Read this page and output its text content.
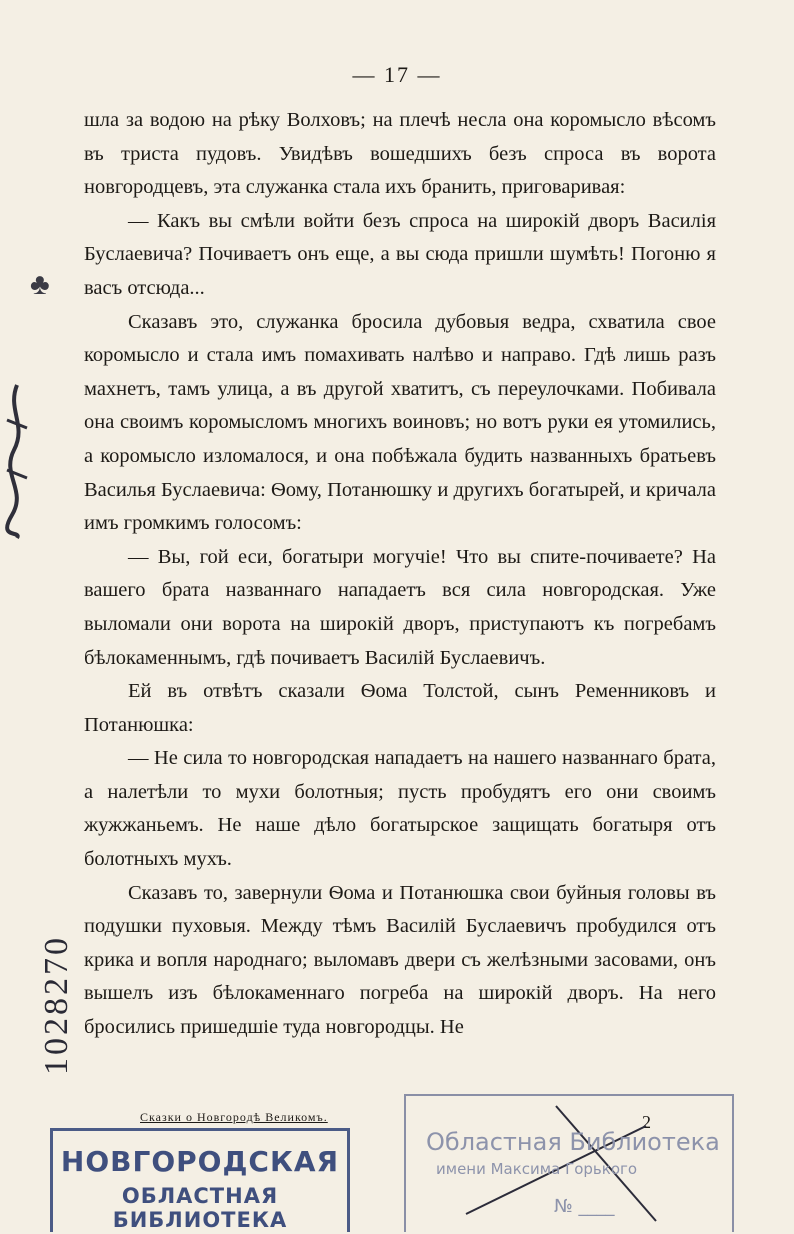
— 17 —

шла за водою на рѣку Волховъ; на плечѣ несла она коромысло вѣсомъ въ триста пудовъ. Увидѣвъ вошедшихъ безъ спроса въ ворота новгородцевъ, эта служанка стала ихъ бранить, приговаривая:

— Какъ вы смѣли войти безъ спроса на широкій дворъ Василія Буслаевича? Почиваетъ онъ еще, а вы сюда пришли шумѣть! Погоню я васъ отсюда...

Сказавъ это, служанка бросила дубовыя ведра, схватила свое коромысло и стала имъ помахивать налѣво и направо. Гдѣ лишь разъ махнетъ, тамъ улица, а въ другой хватитъ, съ переулочками. Побивала она своимъ коромысломъ многихъ воиновъ; но вотъ руки ея утомились, а коромысло изломалося, и она побѣжала будить названныхъ братьевъ Василья Буслаевича: Ѳому, Потанюшку и другихъ богатырей, и кричала имъ громкимъ голосомъ:

— Вы, гой еси, богатыри могучіе! Что вы спите-почиваете? На вашего брата названнаго нападаетъ вся сила новгородская. Уже выломали они ворота на широкій дворъ, приступаютъ къ погребамъ бѣлокаменнымъ, гдѣ почиваетъ Василій Буслаевичъ.

Ей въ отвѣтъ сказали Ѳома Толстой, сынъ Ременниковъ и Потанюшка:

— Не сила то новгородская нападаетъ на нашего названнаго брата, а налетѣли то мухи болотныя; пусть пробудятъ его они своимъ жужжаньемъ. Не наше дѣло богатырское защищать богатыря отъ болотныхъ мухъ.

Сказавъ то, завернули Ѳома и Потанюшка свои буйныя головы въ подушки пуховыя. Между тѣмъ Василій Буслаевичъ пробудился отъ крика и вопля народнаго; выломавъ двери съ желѣзными засовами, онъ вышелъ изъ бѣлокаменнаго погреба на широкій дворъ. На него бросились пришедшіе туда новгородцы. Не

Сказки о Новгородѣ Великомъ.	2
НОВГОРОДСКАЯ
ОБЛАСТНАЯ БИБЛИОТЕКА
Областная Библиотека
имени Максима Горького
№ ____
♣
1028270
